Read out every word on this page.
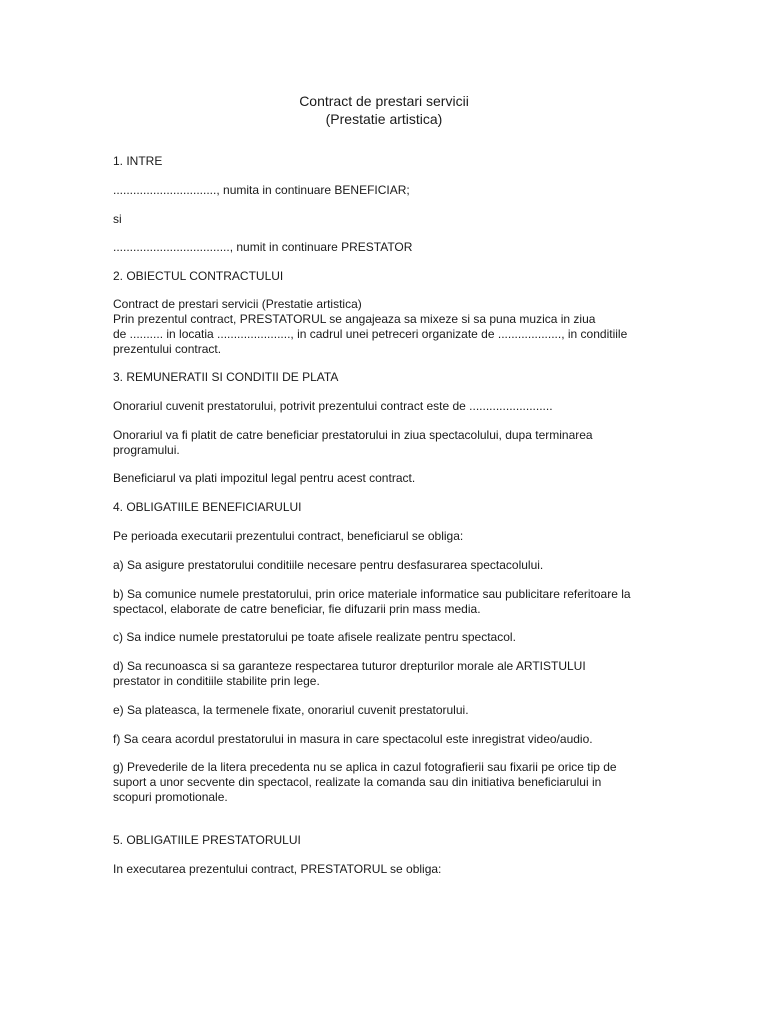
Contract de prestari servicii
(Prestatie artistica)
1. INTRE
..............................., numita in continuare BENEFICIAR;
si
..................................., numit in continuare PRESTATOR
2. OBIECTUL CONTRACTULUI
Contract de prestari servicii (Prestatie artistica)
Prin prezentul contract, PRESTATORUL se angajeaza sa mixeze si sa puna muzica in ziua
de .......... in locatia ......................, in cadrul unei petreceri organizate de ..................., in conditiile
prezentului contract.
3. REMUNERATII SI CONDITII DE PLATA
Onorariul cuvenit prestatorului, potrivit prezentului contract este de .........................
Onorariul va fi platit de catre beneficiar prestatorului in ziua spectacolului, dupa terminarea
programului.
Beneficiarul va plati impozitul legal pentru acest contract.
4. OBLIGATIILE BENEFICIARULUI
Pe perioada executarii prezentului contract, beneficiarul se obliga:
a) Sa asigure prestatorului conditiile necesare pentru desfasurarea spectacolului.
b) Sa comunice numele prestatorului, prin orice materiale informatice sau publicitare referitoare la
spectacol, elaborate de catre beneficiar, fie difuzarii prin mass media.
c) Sa indice numele prestatorului pe toate afisele realizate pentru spectacol.
d) Sa recunoasca si sa garanteze respectarea tuturor drepturilor morale ale ARTISTULUI
prestator in conditiile stabilite prin lege.
e) Sa plateasca, la termenele fixate, onorariul cuvenit prestatorului.
f) Sa ceara acordul prestatorului in masura in care spectacolul este inregistrat video/audio.
g) Prevederile de la litera precedenta nu se aplica in cazul fotografierii sau fixarii pe orice tip de
suport a unor secvente din spectacol, realizate la comanda sau din initiativa beneficiarului in
scopuri promotionale.
5. OBLIGATIILE PRESTATORULUI
In executarea prezentului contract, PRESTATORUL se obliga:
